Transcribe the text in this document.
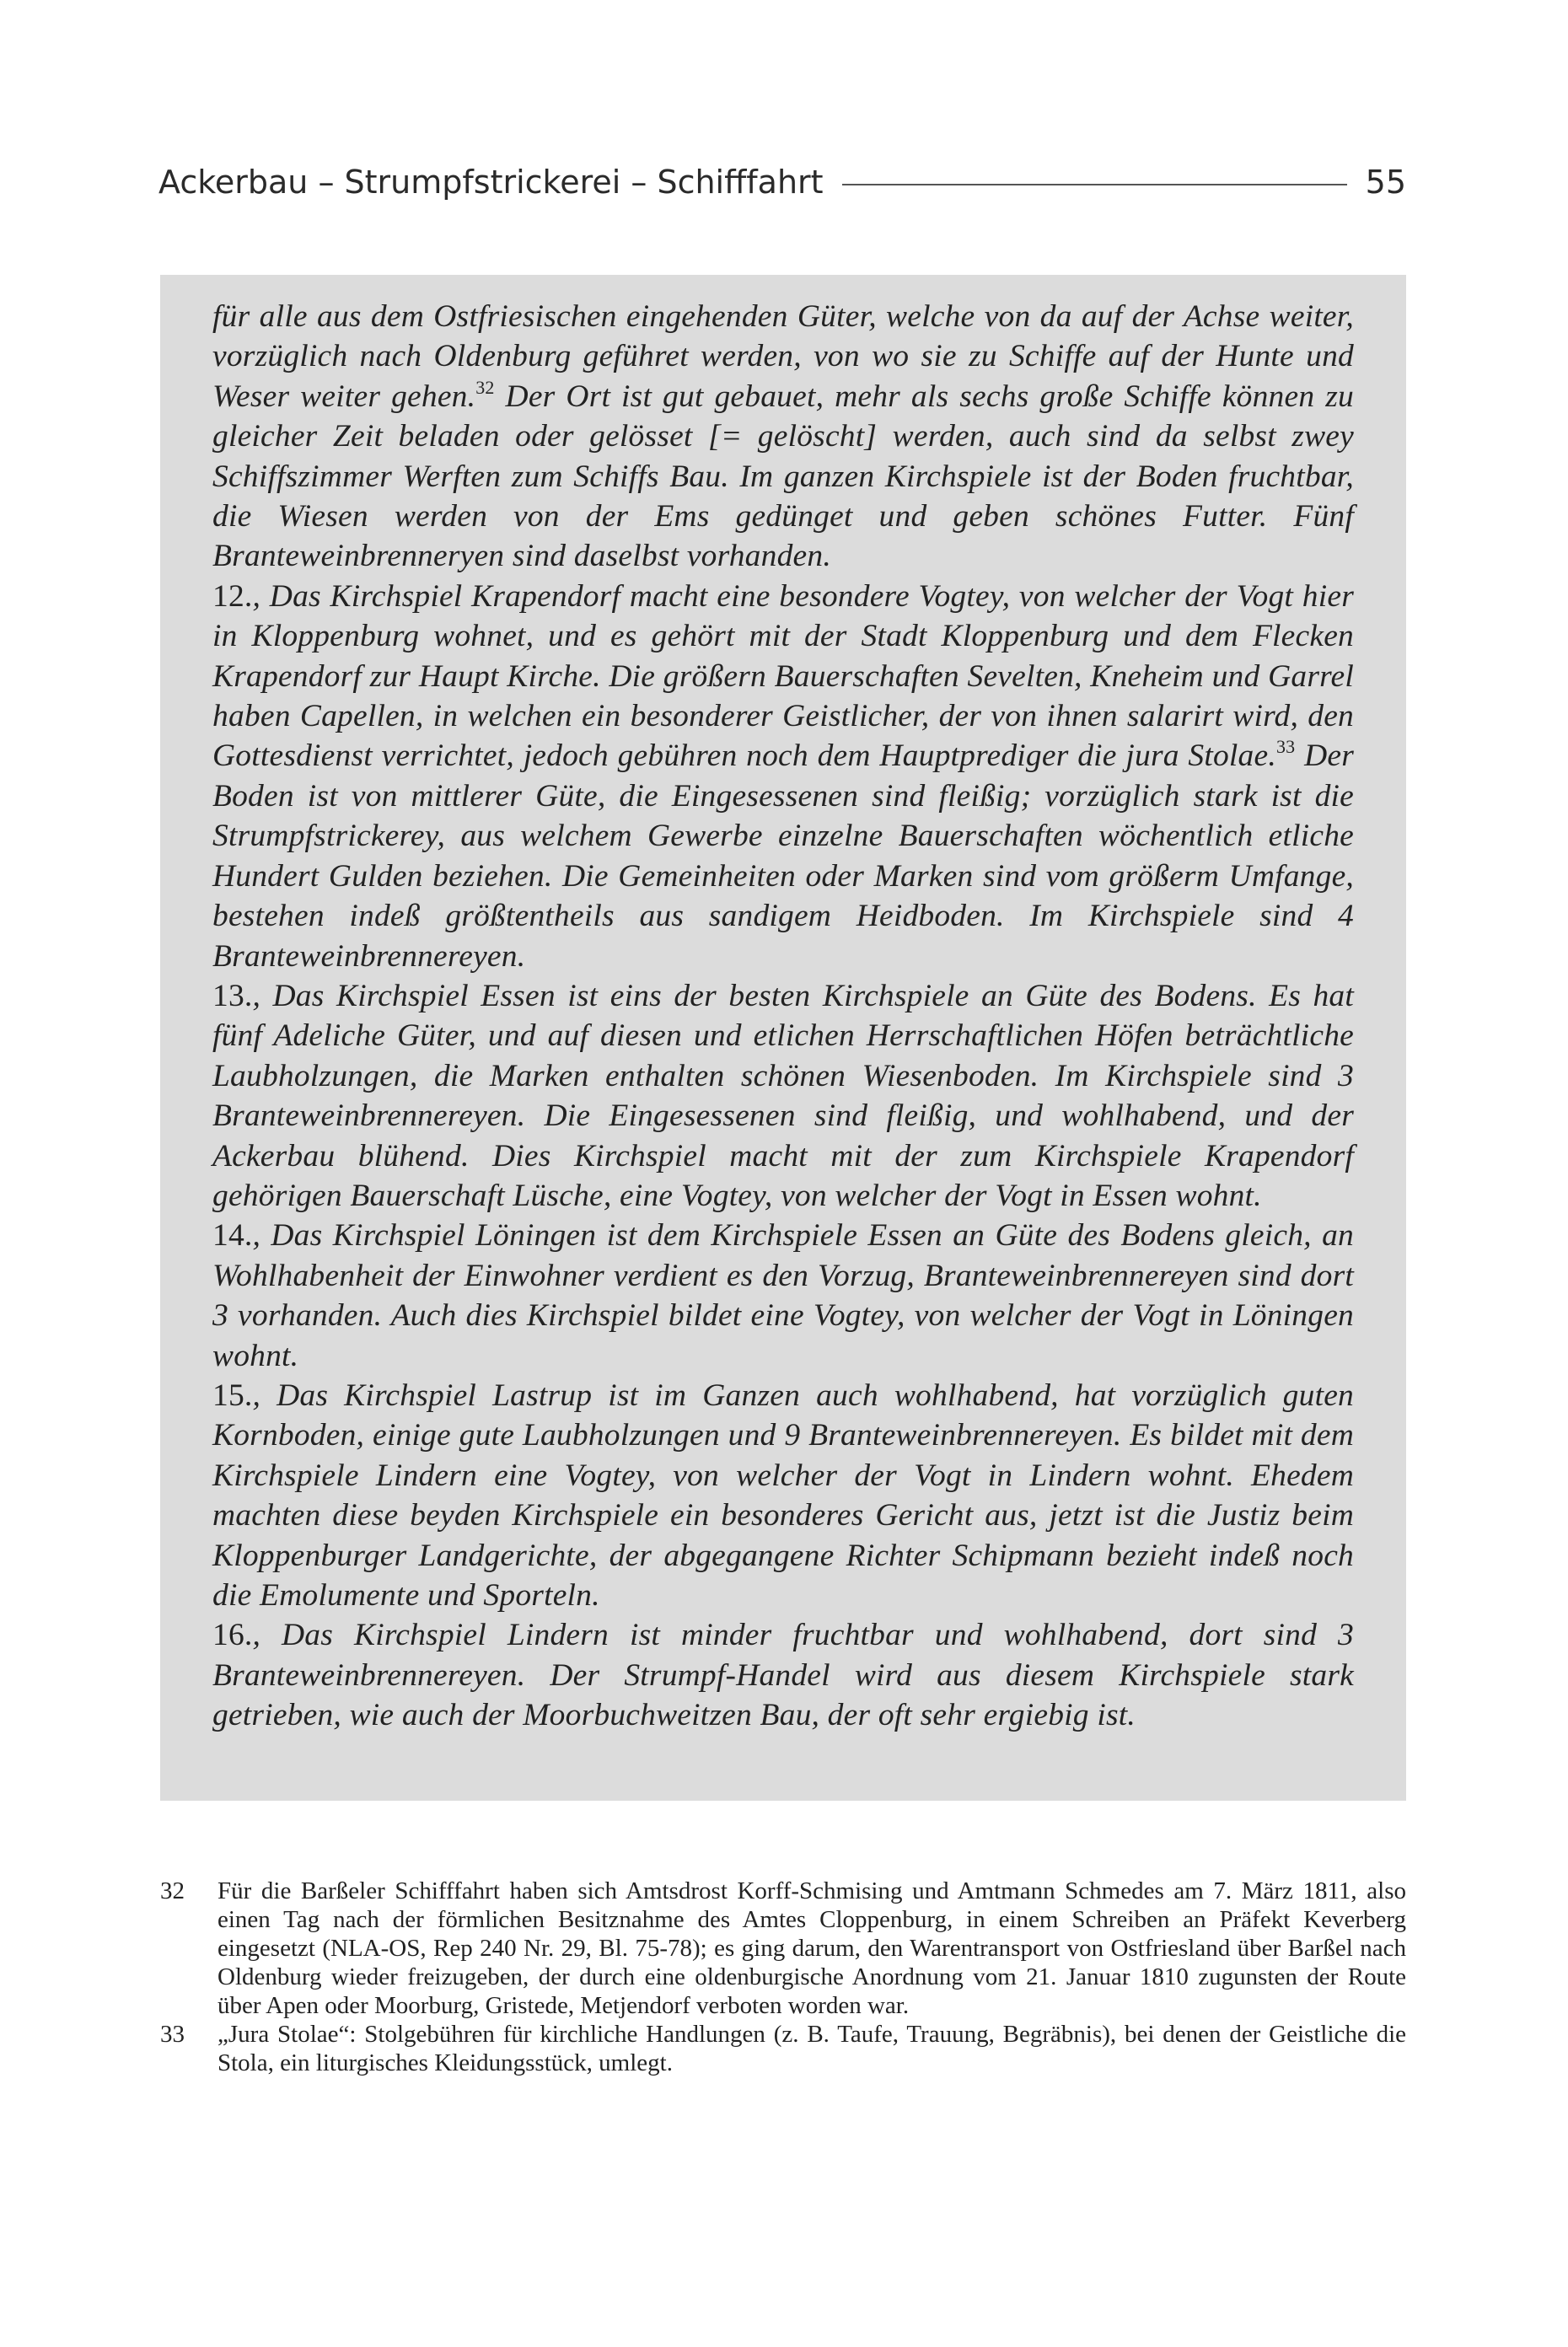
Ackerbau – Strumpfstrickerei – Schifffahrt	55

für alle aus dem Ostfriesischen eingehenden Güter, welche von da auf der Achse weiter, vorzüglich nach Oldenburg geführet werden, von wo sie zu Schiffe auf der Hunte und Weser weiter gehen.$^{32}$ Der Ort ist gut gebauet, mehr als sechs große Schiffe können zu gleicher Zeit beladen oder gelösset [= gelöscht] werden, auch sind da selbst zwey Schiffszimmer Werften zum Schiffs Bau. Im ganzen Kirchspiele ist der Boden fruchtbar, die Wiesen werden von der Ems gedünget und geben schönes Futter. Fünf Branteweinbrenneryen sind daselbst vorhanden.

12., Das Kirchspiel Krapendorf macht eine besondere Vogtey, von welcher der Vogt hier in Kloppenburg wohnet, und es gehört mit der Stadt Kloppenburg und dem Flecken Krapendorf zur Haupt Kirche. Die größern Bauerschaften Sevelten, Kneheim und Garrel haben Capellen, in welchen ein besonderer Geistlicher, der von ihnen salarirt wird, den Gottesdienst verrichtet, jedoch gebühren noch dem Hauptprediger die jura Stolae.$^{33}$ Der Boden ist von mittlerer Güte, die Eingesessenen sind fleißig; vorzüglich stark ist die Strumpfstrickerey, aus welchem Gewerbe einzelne Bauerschaften wöchentlich etliche Hundert Gulden beziehen. Die Gemeinheiten oder Marken sind vom größerm Umfange, bestehen indeß größtentheils aus sandigem Heidboden. Im Kirchspiele sind 4 Branteweinbrennereyen.

13., Das Kirchspiel Essen ist eins der besten Kirchspiele an Güte des Bodens. Es hat fünf Adeliche Güter, und auf diesen und etlichen Herrschaftlichen Höfen beträchtliche Laubholzungen, die Marken enthalten schönen Wiesenboden. Im Kirchspiele sind 3 Branteweinbrennereyen. Die Eingesessenen sind fleißig, und wohlhabend, und der Ackerbau blühend. Dies Kirchspiel macht mit der zum Kirchspiele Krapendorf gehörigen Bauerschaft Lüsche, eine Vogtey, von welcher der Vogt in Essen wohnt.

14., Das Kirchspiel Löningen ist dem Kirchspiele Essen an Güte des Bodens gleich, an Wohlhabenheit der Einwohner verdient es den Vorzug, Branteweinbrennereyen sind dort 3 vorhanden. Auch dies Kirchspiel bildet eine Vogtey, von welcher der Vogt in Löningen wohnt.

15., Das Kirchspiel Lastrup ist im Ganzen auch wohlhabend, hat vorzüglich guten Kornboden, einige gute Laubholzungen und 9 Branteweinbrennereyen. Es bildet mit dem Kirchspiele Lindern eine Vogtey, von welcher der Vogt in Lindern wohnt. Ehedem machten diese beyden Kirchspiele ein besonderes Gericht aus, jetzt ist die Justiz beim Kloppenburger Landgerichte, der abgegangene Richter Schipmann bezieht indeß noch die Emolumente und Sporteln.

16., Das Kirchspiel Lindern ist minder fruchtbar und wohlhabend, dort sind 3 Branteweinbrennereyen. Der Strumpf-Handel wird aus diesem Kirchspiele stark getrieben, wie auch der Moorbuchweitzen Bau, der oft sehr ergiebig ist.

32	Für die Barßeler Schifffahrt haben sich Amtsdrost Korff-Schmising und Amtmann Schmedes am 7. März 1811, also einen Tag nach der förmlichen Besitznahme des Amtes Cloppenburg, in einem Schreiben an Präfekt Keverberg eingesetzt (NLA-OS, Rep 240 Nr. 29, Bl. 75-78); es ging darum, den Warentransport von Ostfriesland über Barßel nach Oldenburg wieder freizugeben, der durch eine oldenburgische Anordnung vom 21. Januar 1810 zugunsten der Route über Apen oder Moorburg, Gristede, Metjendorf verboten worden war.
33	„Jura Stolae“: Stolgebühren für kirchliche Handlungen (z. B. Taufe, Trauung, Begräbnis), bei denen der Geistliche die Stola, ein liturgisches Kleidungsstück, umlegt.
